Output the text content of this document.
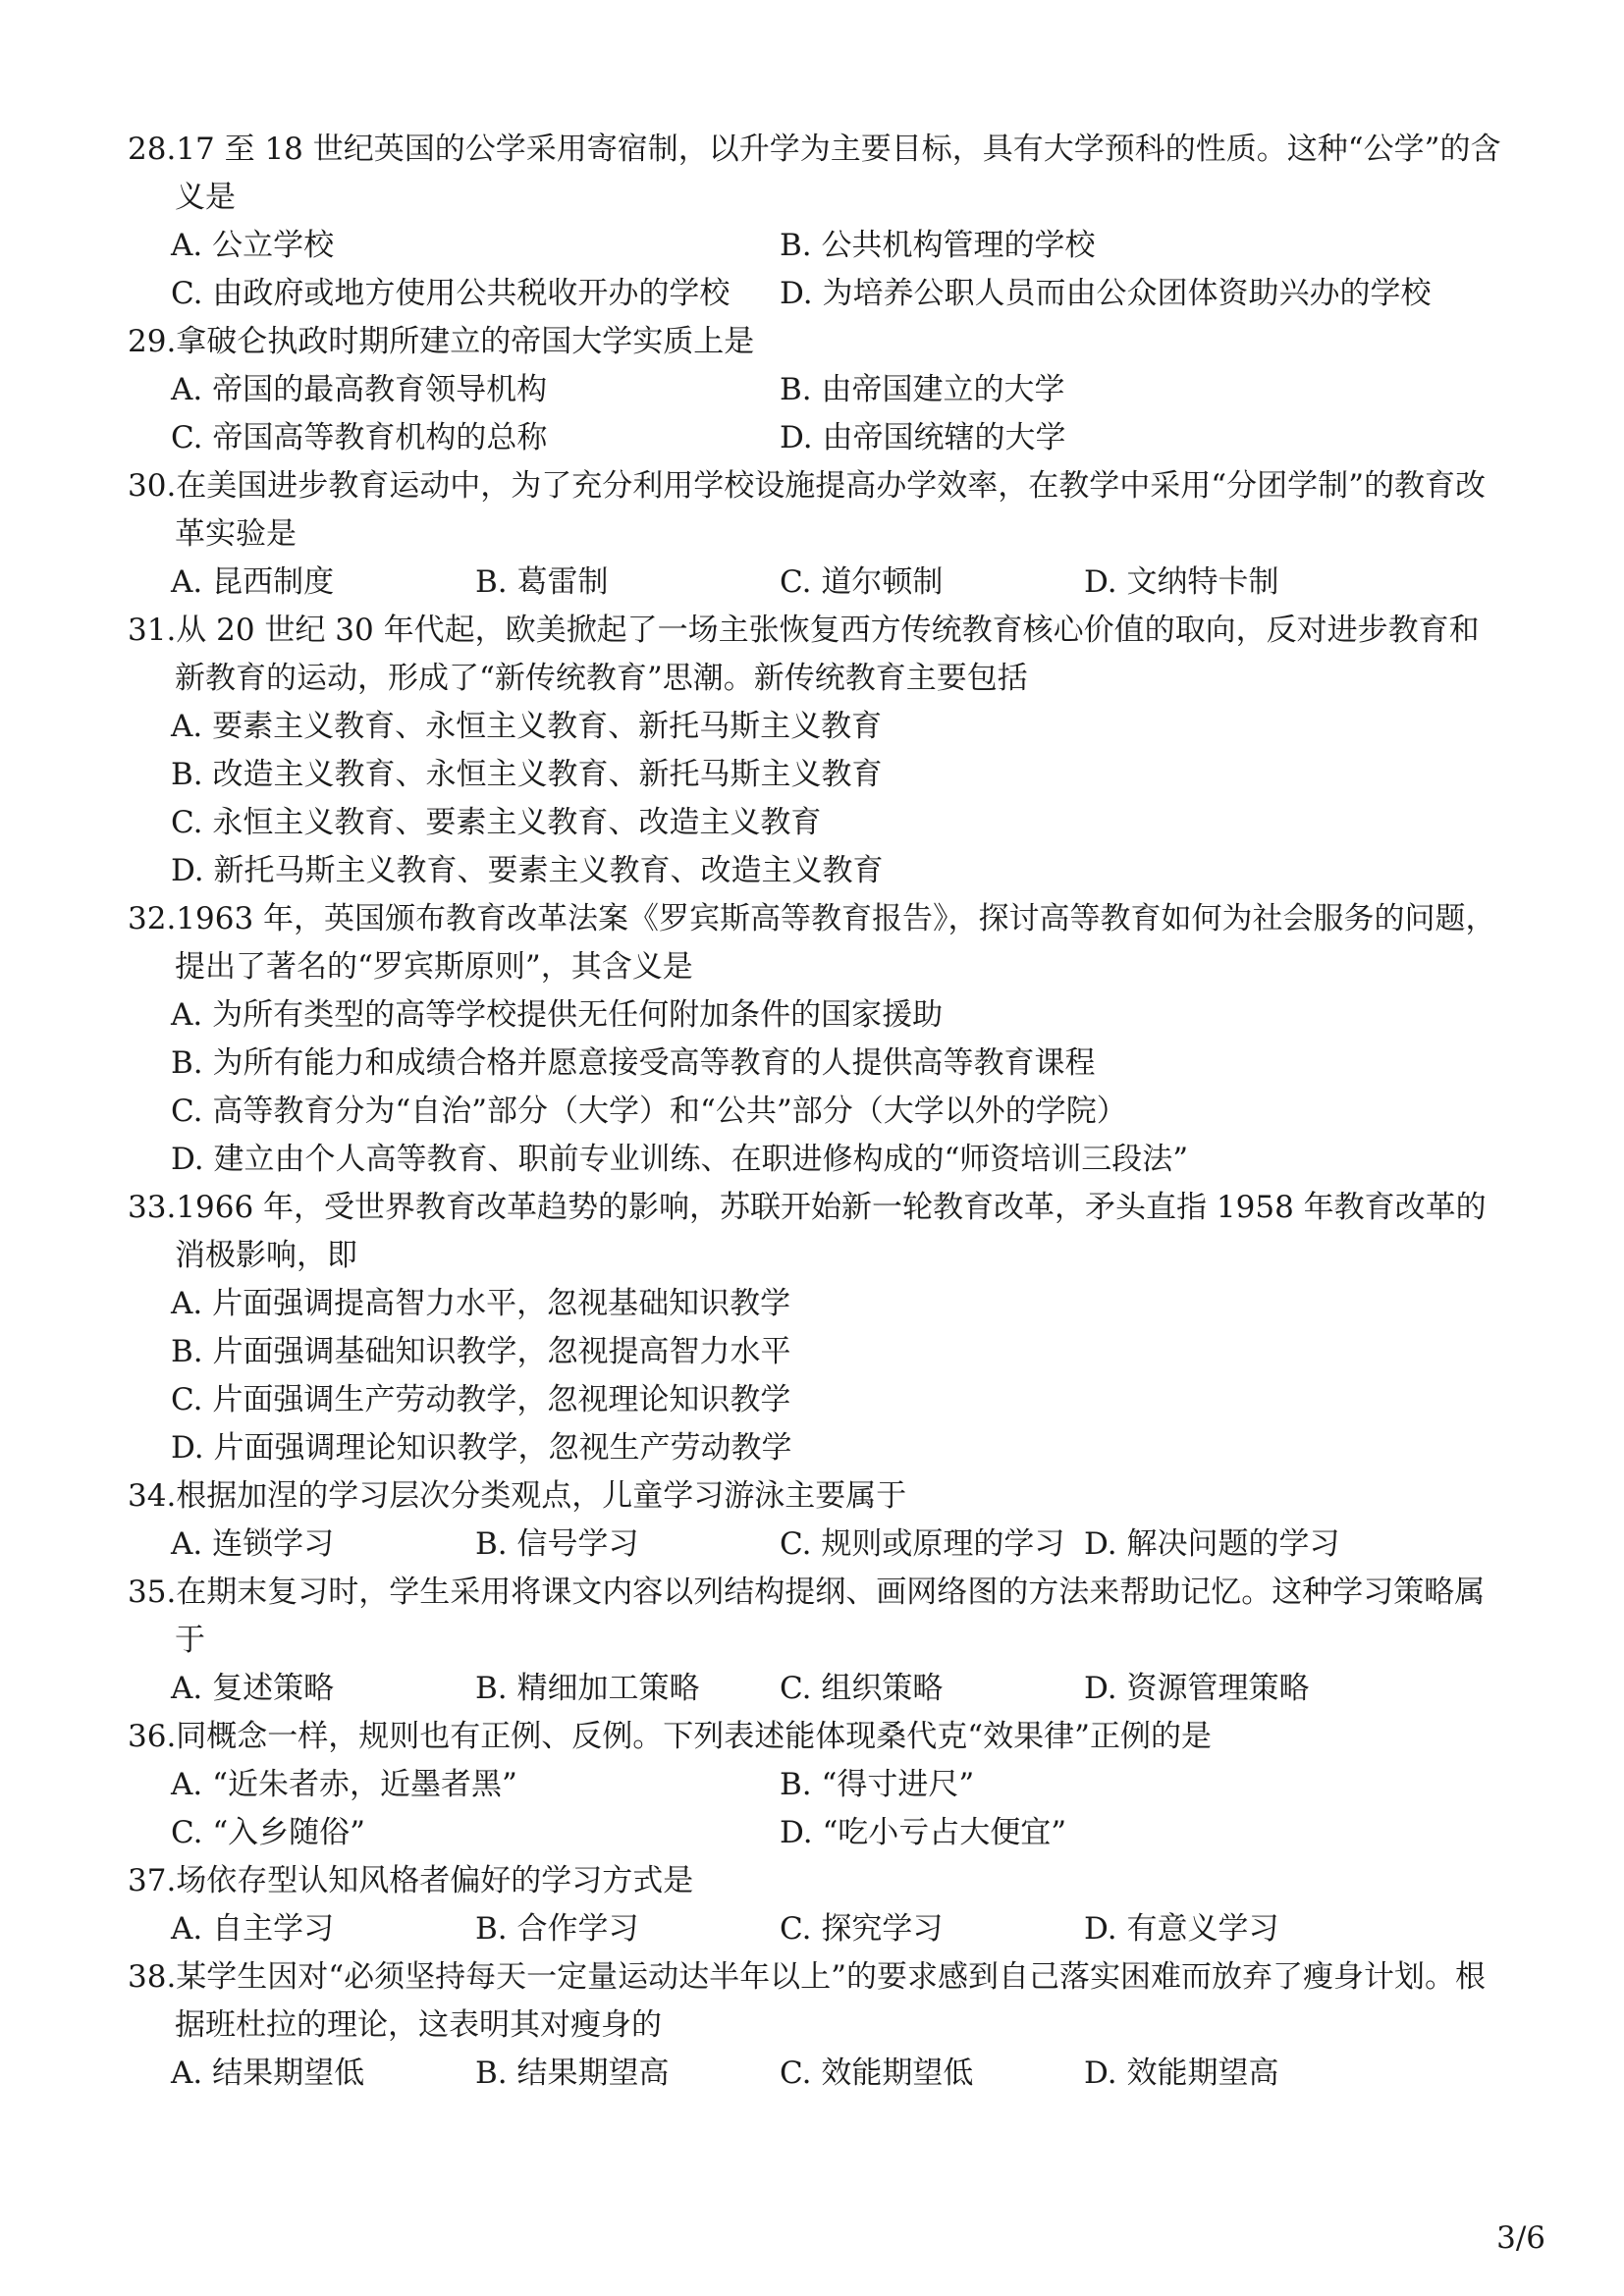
28.17 至 18 世纪英国的公学采用寄宿制，以升学为主要目标，具有大学预科的性质。这种“公学”的含义是
A. 公立学校	B. 公共机构管理的学校
C. 由政府或地方使用公共税收开办的学校	D. 为培养公职人员而由公众团体资助兴办的学校
29.拿破仑执政时期所建立的帝国大学实质上是
A. 帝国的最高教育领导机构	B. 由帝国建立的大学
C. 帝国高等教育机构的总称	D. 由帝国统辖的大学
30.在美国进步教育运动中，为了充分利用学校设施提高办学效率，在教学中采用“分团学制”的教育改革实验是
A. 昆西制度	B. 葛雷制	C. 道尔顿制	D. 文纳特卡制
31.从 20 世纪 30 年代起，欧美掀起了一场主张恢复西方传统教育核心价值的取向，反对进步教育和新教育的运动，形成了“新传统教育”思潮。新传统教育主要包括
A. 要素主义教育、永恒主义教育、新托马斯主义教育
B. 改造主义教育、永恒主义教育、新托马斯主义教育
C. 永恒主义教育、要素主义教育、改造主义教育
D. 新托马斯主义教育、要素主义教育、改造主义教育
32.1963 年，英国颁布教育改革法案《罗宾斯高等教育报告》，探讨高等教育如何为社会服务的问题，提出了著名的“罗宾斯原则”，其含义是
A. 为所有类型的高等学校提供无任何附加条件的国家援助
B. 为所有能力和成绩合格并愿意接受高等教育的人提供高等教育课程
C. 高等教育分为“自治”部分（大学）和“公共”部分（大学以外的学院）
D. 建立由个人高等教育、职前专业训练、在职进修构成的“师资培训三段法”
33.1966 年，受世界教育改革趋势的影响，苏联开始新一轮教育改革，矛头直指 1958 年教育改革的消极影响，即
A. 片面强调提高智力水平，忽视基础知识教学
B. 片面强调基础知识教学，忽视提高智力水平
C. 片面强调生产劳动教学，忽视理论知识教学
D. 片面强调理论知识教学，忽视生产劳动教学
34.根据加涅的学习层次分类观点，儿童学习游泳主要属于
A. 连锁学习	B. 信号学习	C. 规则或原理的学习 D. 解决问题的学习
35.在期末复习时，学生采用将课文内容以列结构提纲、画网络图的方法来帮助记忆。这种学习策略属于
A. 复述策略	B. 精细加工策略	C. 组织策略	D. 资源管理策略
36.同概念一样，规则也有正例、反例。下列表述能体现桑代克“效果律”正例的是
A. “近朱者赤，近墨者黑”	B. “得寸进尺”
C. “入乡随俗”	D. “吃小亏占大便宜”
37.场依存型认知风格者偏好的学习方式是
A. 自主学习	B. 合作学习	C. 探究学习	D. 有意义学习
38.某学生因对“必须坚持每天一定量运动达半年以上”的要求感到自己落实困难而放弃了瘦身计划。根据班杜拉的理论，这表明其对瘦身的
A. 结果期望低	B. 结果期望高	C. 效能期望低	D. 效能期望高
3/6
